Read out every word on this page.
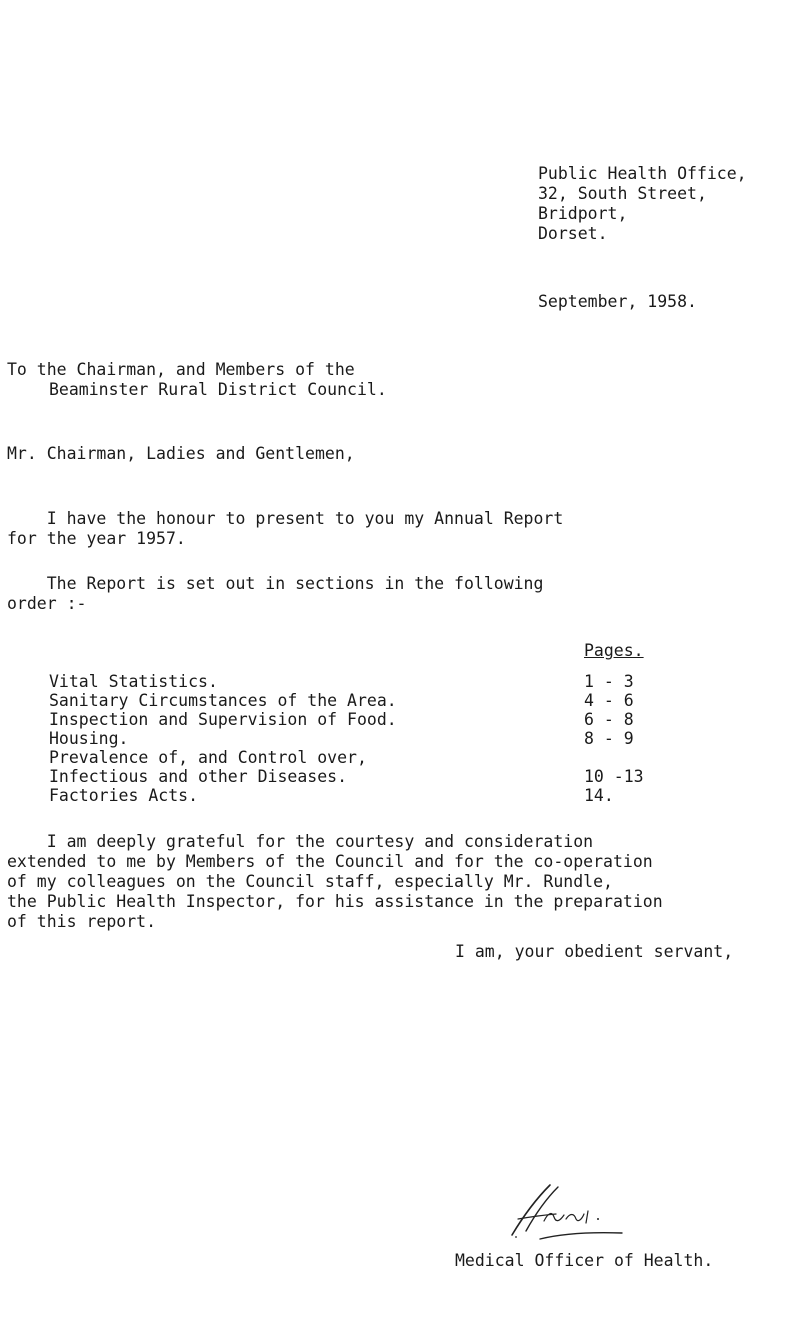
Public Health Office,
32, South Street,
Bridport,
Dorset.
September, 1958.
To the Chairman, and Members of the
Beaminster Rural District Council.
Mr. Chairman, Ladies and Gentlemen,
I have the honour to present to you my Annual Report
for the year 1957.
The Report is set out in sections in the following
order :-
Pages.
Vital Statistics.	1 - 3
Sanitary Circumstances of the Area.	4 - 6
Inspection and Supervision of Food.	6 - 8
Housing.	8 - 9
Prevalence of, and Control over,
Infectious and other Diseases.	10 -13
Factories Acts.	14.
I am deeply grateful for the courtesy and consideration
extended to me by Members of the Council and for the co-operation
of my colleagues on the Council staff, especially Mr. Rundle,
the Public Health Inspector, for his assistance in the preparation
of this report.
I am, your obedient servant,
Medical Officer of Health.
